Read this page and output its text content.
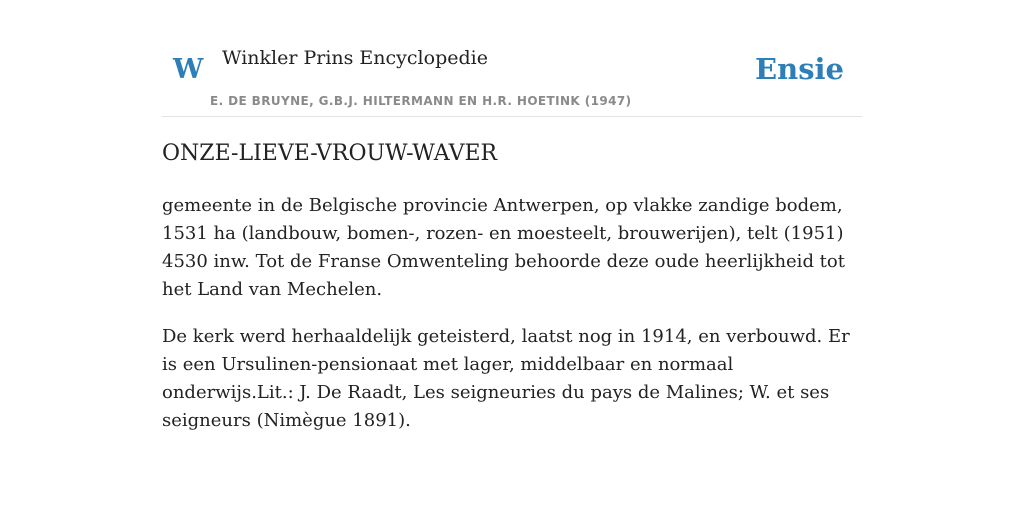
W Winkler Prins Encyclopedie
E. DE BRUYNE, G.B.J. HILTERMANN EN H.R. HOETINK (1947)
Ensie
ONZE-LIEVE-VROUW-WAVER

gemeente in de Belgische provincie Antwerpen, op vlakke zandige bodem, 1531 ha (landbouw, bomen-, rozen- en moesteelt, brouwerijen), telt (1951) 4530 inw. Tot de Franse Omwenteling behoorde deze oude heerlijkheid tot het Land van Mechelen.

De kerk werd herhaaldelijk geteisterd, laatst nog in 1914, en verbouwd. Er is een Ursulinen-pensionaat met lager, middelbaar en normaal onderwijs.Lit.: J. De Raadt, Les seigneuries du pays de Malines; W. et ses seigneurs (Nimègue 1891).
